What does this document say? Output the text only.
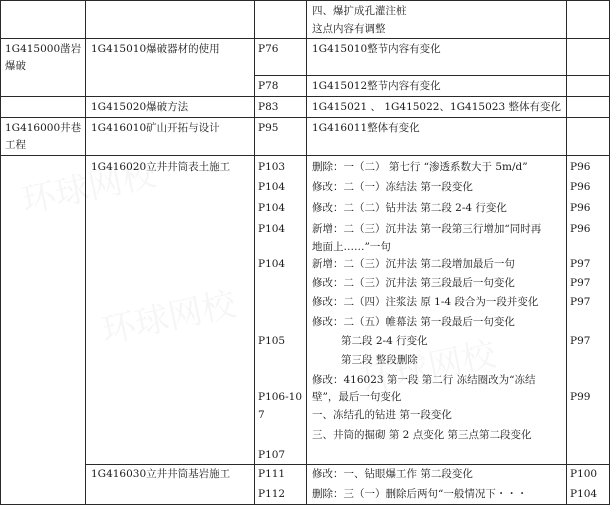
1G415000凿岩
爆破
1G416000井巷
工程
1G415010爆破器材的使用
1G415020爆破方法
1G416010矿山开拓与设计
1G416020立井井筒表土施工
1G416030立井井筒基岩施工
P76
P78
P83
P95
P103
P104
P104
P104
P104
P105
P106-10
7
P107
P111
P112
四、爆扩成孔灌注桩
这点内容有调整
1G415010整节内容有变化
1G415012整节内容有变化
1G415021 、 1G415022、1G415023 整体有变化
1G416011整体有变化
删除：一（二） 第七行 “渗透系数大于 5m/d”
修改：二（一）冻结法 第一段变化
修改：二（二）钻井法 第二段 2-4 行变化
新增：二（三）沉井法 第一段第三行增加“同时再
地面上……”一句
新增：二（三）沉井法 第二段增加最后一句
修改：二（三）沉井法 第三段最后一句变化
修改：二（四）注浆法 原 1-4 段合为一段并变化
修改：二（五）帷幕法 第一段最后一句变化
第二段 2-4 行变化
第三段 整段删除
修改：416023 第一段 第二行 冻结圈改为“冻结
壁”，最后一句变化
一、冻结孔的钻进 第一段变化
三、井筒的掘砌 第 2 点变化 第三点第二段变化
修改：一、钻眼爆工作 第二段变化
删除：三（一）删除后两句“一般情况下・・・
P96
P96
P96
P96
P97
P97
P97
P97
P99
P100
P104
